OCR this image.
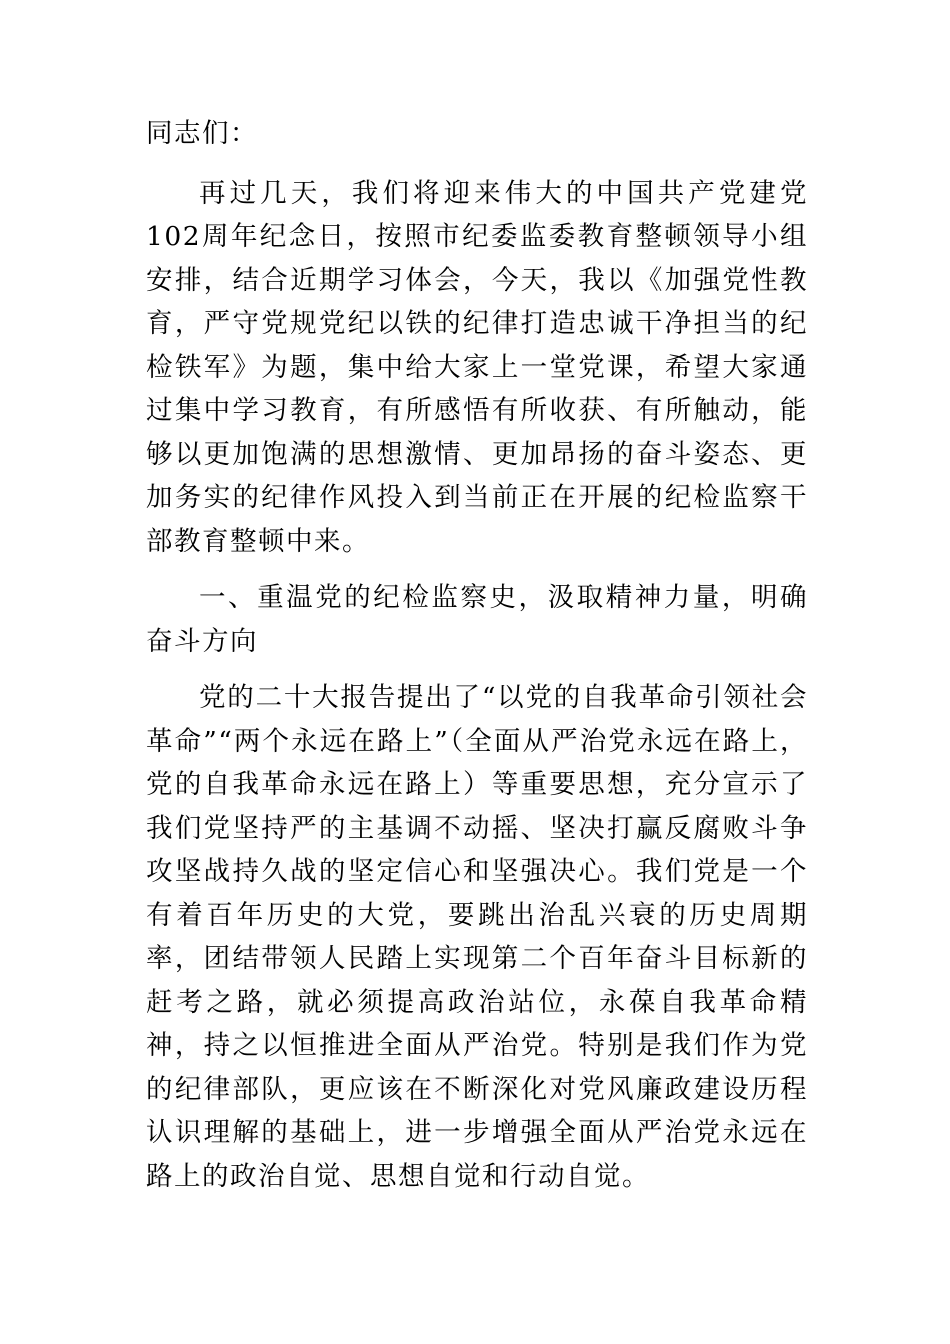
同志们：

再过几天，我们将迎来伟大的中国共产党建党102周年纪念日，按照市纪委监委教育整顿领导小组安排，结合近期学习体会，今天，我以《加强党性教育，严守党规党纪以铁的纪律打造忠诚干净担当的纪检铁军》为题，集中给大家上一堂党课，希望大家通过集中学习教育，有所感悟有所收获、有所触动，能够以更加饱满的思想激情、更加昂扬的奋斗姿态、更加务实的纪律作风投入到当前正在开展的纪检监察干部教育整顿中来。

一、重温党的纪检监察史，汲取精神力量，明确奋斗方向

党的二十大报告提出了“以党的自我革命引领社会革命”“两个永远在路上”（全面从严治党永远在路上，党的自我革命永远在路上）等重要思想，充分宣示了我们党坚持严的主基调不动摇、坚决打赢反腐败斗争攻坚战持久战的坚定信心和坚强决心。我们党是一个有着百年历史的大党，要跳出治乱兴衰的历史周期率，团结带领人民踏上实现第二个百年奋斗目标新的赶考之路，就必须提高政治站位，永葆自我革命精神，持之以恒推进全面从严治党。特别是我们作为党的纪律部队，更应该在不断深化对党风廉政建设历程认识理解的基础上，进一步增强全面从严治党永远在路上的政治自觉、思想自觉和行动自觉。
